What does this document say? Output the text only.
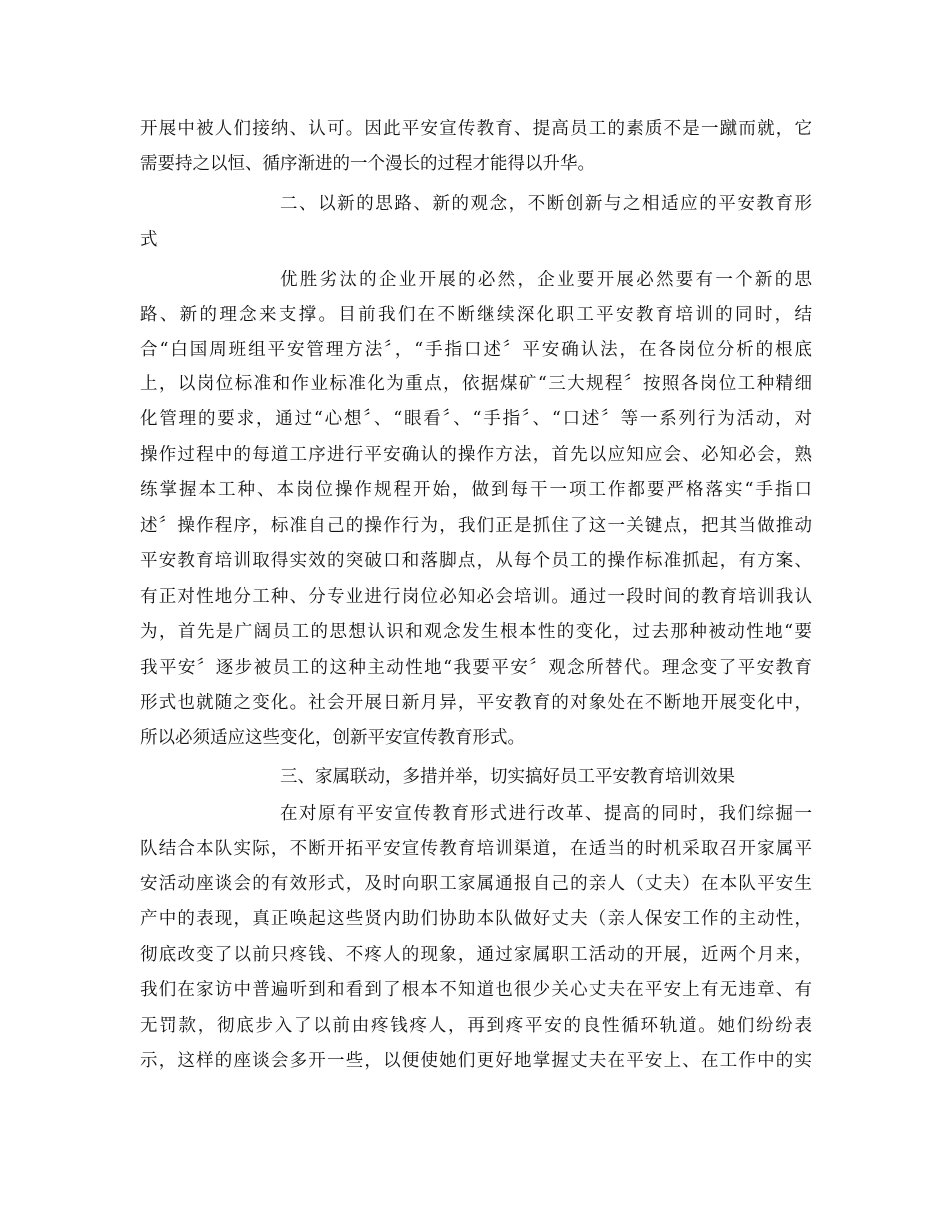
开展中被人们接纳、认可。因此平安宣传教育、提高员工的素质不是一蹴而就，它
需要持之以恒、循序渐进的一个漫长的过程才能得以升华。
二、以新的思路、新的观念，不断创新与之相适应的平安教育形
式
优胜劣汰的企业开展的必然，企业要开展必然要有一个新的思
路、新的理念来支撑。目前我们在不断继续深化职工平安教育培训的同时，结
合“白国周班组平安管理方法〞，“手指口述〞平安确认法，在各岗位分析的根底
上，以岗位标准和作业标准化为重点，依据煤矿“三大规程〞按照各岗位工种精细
化管理的要求，通过“心想〞、“眼看〞、“手指〞、“口述〞等一系列行为活动，对
操作过程中的每道工序进行平安确认的操作方法，首先以应知应会、必知必会，熟
练掌握本工种、本岗位操作规程开始，做到每干一项工作都要严格落实“手指口
述〞操作程序，标准自己的操作行为，我们正是抓住了这一关键点，把其当做推动
平安教育培训取得实效的突破口和落脚点，从每个员工的操作标准抓起，有方案、
有正对性地分工种、分专业进行岗位必知必会培训。通过一段时间的教育培训我认
为，首先是广阔员工的思想认识和观念发生根本性的变化，过去那种被动性地“要
我平安〞逐步被员工的这种主动性地“我要平安〞观念所替代。理念变了平安教育
形式也就随之变化。社会开展日新月异，平安教育的对象处在不断地开展变化中，
所以必须适应这些变化，创新平安宣传教育形式。
三、家属联动，多措并举，切实搞好员工平安教育培训效果
在对原有平安宣传教育形式进行改革、提高的同时，我们综掘一
队结合本队实际，不断开拓平安宣传教育培训渠道，在适当的时机采取召开家属平
安活动座谈会的有效形式，及时向职工家属通报自己的亲人（丈夫）在本队平安生
产中的表现，真正唤起这些贤内助们协助本队做好丈夫（亲人保安工作的主动性，
彻底改变了以前只疼钱、不疼人的现象，通过家属职工活动的开展，近两个月来，
我们在家访中普遍听到和看到了根本不知道也很少关心丈夫在平安上有无违章、有
无罚款，彻底步入了以前由疼钱疼人，再到疼平安的良性循环轨道。她们纷纷表
示，这样的座谈会多开一些，以便使她们更好地掌握丈夫在平安上、在工作中的实
